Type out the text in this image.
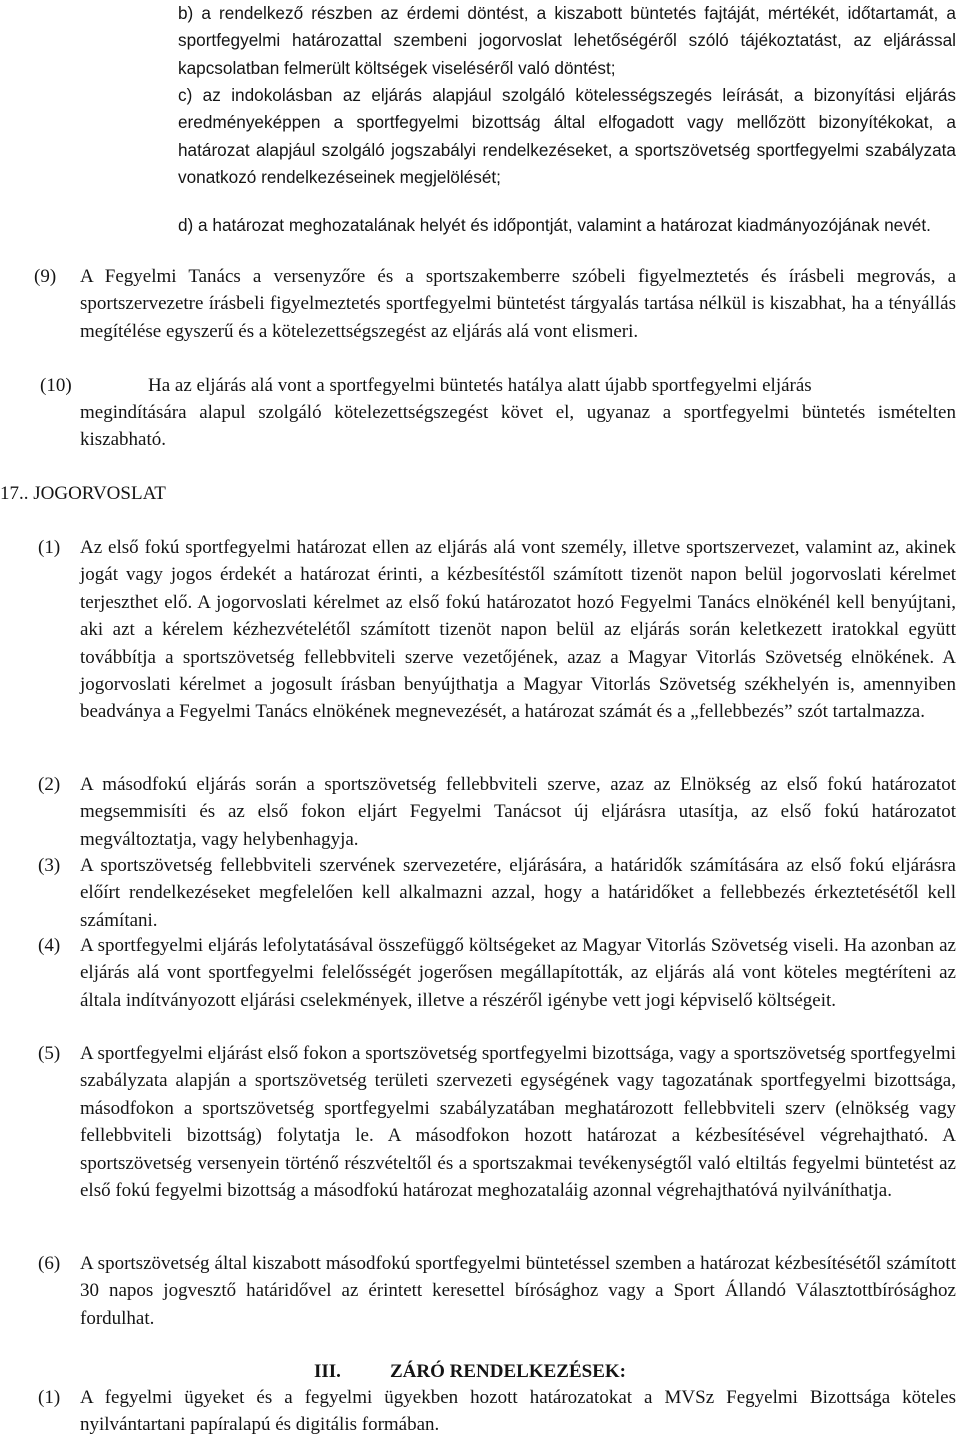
b) a rendelkező részben az érdemi döntést, a kiszabott büntetés fajtáját, mértékét, időtartamát, a sportfegyelmi határozattal szembeni jogorvoslat lehetőségéről szóló tájékoztatást, az eljárással kapcsolatban felmerült költségek viseléséről való döntést;

c) az indokolásban az eljárás alapjául szolgáló kötelességszegés leírását, a bizonyítási eljárás eredményeképpen a sportfegyelmi bizottság által elfogadott vagy mellőzött bizonyítékokat, a határozat alapjául szolgáló jogszabályi rendelkezéseket, a sportszövetség sportfegyelmi szabályzata vonatkozó rendelkezéseinek megjelölését;

d) a határozat meghozatalának helyét és időpontját, valamint a határozat kiadmányozójának nevét.

(9) A Fegyelmi Tanács a versenyzőre és a sportszakemberre szóbeli figyelmeztetés és írásbeli megrovás, a sportszervezetre írásbeli figyelmeztetés sportfegyelmi büntetést tárgyalás tartása nélkül is kiszabhat, ha a tényállás megítélése egyszerű és a kötelezettségszegést az eljárás alá vont elismeri.

(10)	Ha az eljárás alá vont a sportfegyelmi büntetés hatálya alatt újabb sportfegyelmi eljárás

megindítására alapul szolgáló kötelezettségszegést követ el, ugyanaz a sportfegyelmi büntetés ismételten kiszabható.

17.. JOGORVOSLAT
(1) Az első fokú sportfegyelmi határozat ellen az eljárás alá vont személy, illetve sportszervezet, valamint az, akinek jogát vagy jogos érdekét a határozat érinti, a kézbesítéstől számított tizenöt napon belül jogorvoslati kérelmet terjeszthet elő. A jogorvoslati kérelmet az első fokú határozatot hozó Fegyelmi Tanács elnökénél kell benyújtani, aki azt a kérelem kézhezvételétől számított tizenöt napon belül az eljárás során keletkezett iratokkal együtt továbbítja a sportszövetség fellebbviteli szerve vezetőjének, azaz a Magyar Vitorlás Szövetség elnökének. A jogorvoslati kérelmet a jogosult írásban benyújthatja a Magyar Vitorlás Szövetség székhelyén is, amennyiben beadványa a Fegyelmi Tanács elnökének megnevezését, a határozat számát és a „fellebbezés” szót tartalmazza.

(2) A másodfokú eljárás során a sportszövetség fellebbviteli szerve, azaz az Elnökség az első fokú határozatot megsemmisíti és az első fokon eljárt Fegyelmi Tanácsot új eljárásra utasítja, az első fokú határozatot megváltoztatja, vagy helybenhagyja.

(3) A sportszövetség fellebbviteli szervének szervezetére, eljárására, a határidők számítására az első fokú eljárásra előírt rendelkezéseket megfelelően kell alkalmazni azzal, hogy a határidőket a fellebbezés érkeztetésétől kell számítani.

(4) A sportfegyelmi eljárás lefolytatásával összefüggő költségeket az Magyar Vitorlás Szövetség viseli. Ha azonban az eljárás alá vont sportfegyelmi felelősségét jogerősen megállapították, az eljárás alá vont köteles megtéríteni az általa indítványozott eljárási cselekmények, illetve a részéről igénybe vett jogi képviselő költségeit.

(5) A sportfegyelmi eljárást első fokon a sportszövetség sportfegyelmi bizottsága, vagy a sportszövetség sportfegyelmi szabályzata alapján a sportszövetség területi szervezeti egységének vagy tagozatának sportfegyelmi bizottsága, másodfokon a sportszövetség sportfegyelmi szabályzatában meghatározott fellebbviteli szerv (elnökség vagy fellebbviteli bizottság) folytatja le. A másodfokon hozott határozat a kézbesítésével végrehajtható. A sportszövetség versenyein történő részvételtől és a sportszakmai tevékenységtől való eltiltás fegyelmi büntetést az első fokú fegyelmi bizottság a másodfokú határozat meghozataláig azonnal végrehajthatóvá nyilváníthatja.

(6) A sportszövetség által kiszabott másodfokú sportfegyelmi büntetéssel szemben a határozat kézbesítésétől számított 30 napos jogvesztő határidővel az érintett keresettel bírósághoz vagy a Sport Állandó Választottbírósághoz fordulhat.

III.	ZÁRÓ RENDELKEZÉSEK:
(1) A fegyelmi ügyeket és a fegyelmi ügyekben hozott határozatokat a MVSz Fegyelmi Bizottsága köteles nyilvántartani papíralapú és digitális formában.
